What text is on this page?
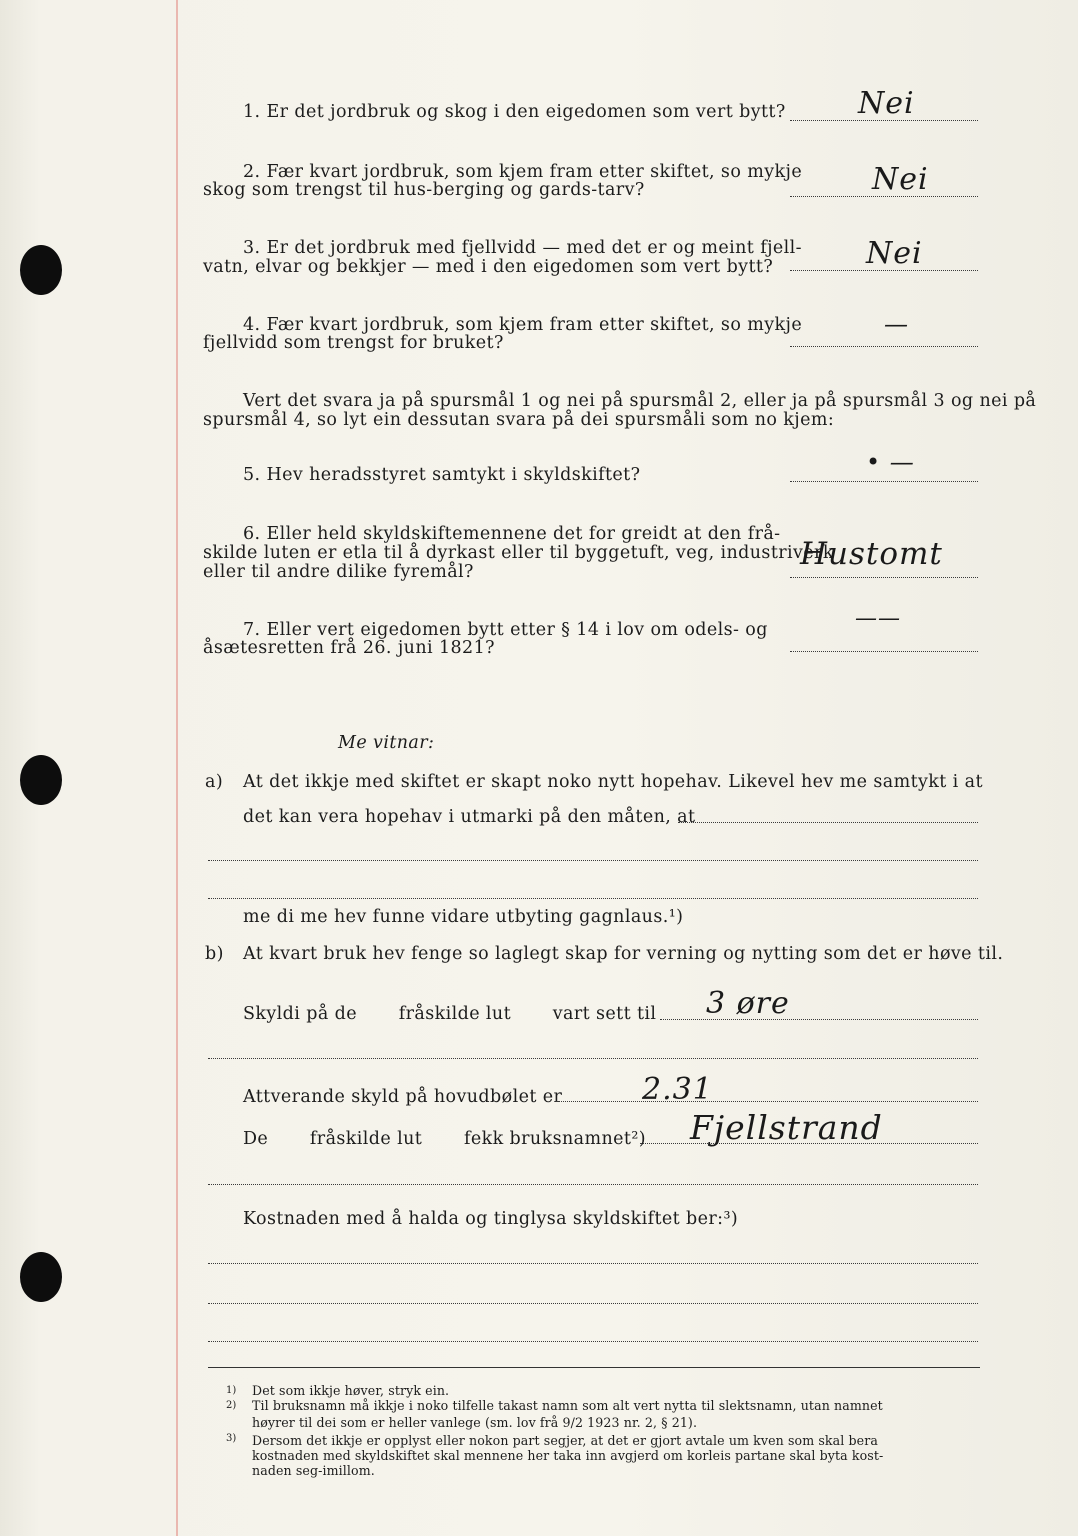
1. Er det jordbruk og skog i den eigedomen som vert bytt? Nei
2. Fær kvart jordbruk, som kjem fram etter skiftet, so mykje
skog som trengst til hus‑berging og gards‑tarv?	Nei
3. Er det jordbruk med fjellvidd — med det er og meint fjell‑
vatn, elvar og bekkjer — med i den eigedomen som vert bytt?	Nei
4. Fær kvart jordbruk, som kjem fram etter skiftet, so mykje
fjellvidd som trengst for bruket?
—
Vert det svara ja på spursmål 1 og nei på spursmål 2, eller ja på spursmål 3 og nei på
spursmål 4, so lyt ein dessutan svara på dei spursmåli som no kjem:
5. Hev heradsstyret samtykt i skyldskiftet?	• —
6. Eller held skyldskiftemennene det for greidt at den frå‑
skilde luten er etla til å dyrkast eller til byggetuft, veg, industriverk
eller til andre dilike fyremål?	Hustomt
7. Eller vert eigedomen bytt etter § 14 i lov om odels‑ og
åsætesretten frå 26. juni 1821?
——
Me vitnar:
a) At det ikkje med skiftet er skapt noko nytt hopehav. Likevel hev me samtykt i at
det kan vera hopehav i utmarki på den måten, at
me di me hev funne vidare utbyting gagnlaus.¹)
b) At kvart bruk hev fenge so laglegt skap for verning og nytting som det er høve til.
Skyldi på de       fråskilde lut       vart sett til 3 øre
Attverande skyld på hovudbølet er	2.31
De       fråskilde lut       fekk bruksnamnet²) Fjellstrand
Kostnaden med å halda og tinglysa skyldskiftet ber:³)
1) Det som ikkje høver, stryk ein.
2) Til bruksnamn må ikkje i noko tilfelle takast namn som alt vert nytta til slektsnamn, utan namnet
høyrer til dei som er heller vanlege (sm. lov frå 9/2 1923 nr. 2, § 21).
3) Dersom det ikkje er opplyst eller nokon part segjer, at det er gjort avtale um kven som skal bera
kostnaden med skyldskiftet skal mennene her taka inn avgjerd om korleis partane skal byta kost‑
naden seg‑imillom.
